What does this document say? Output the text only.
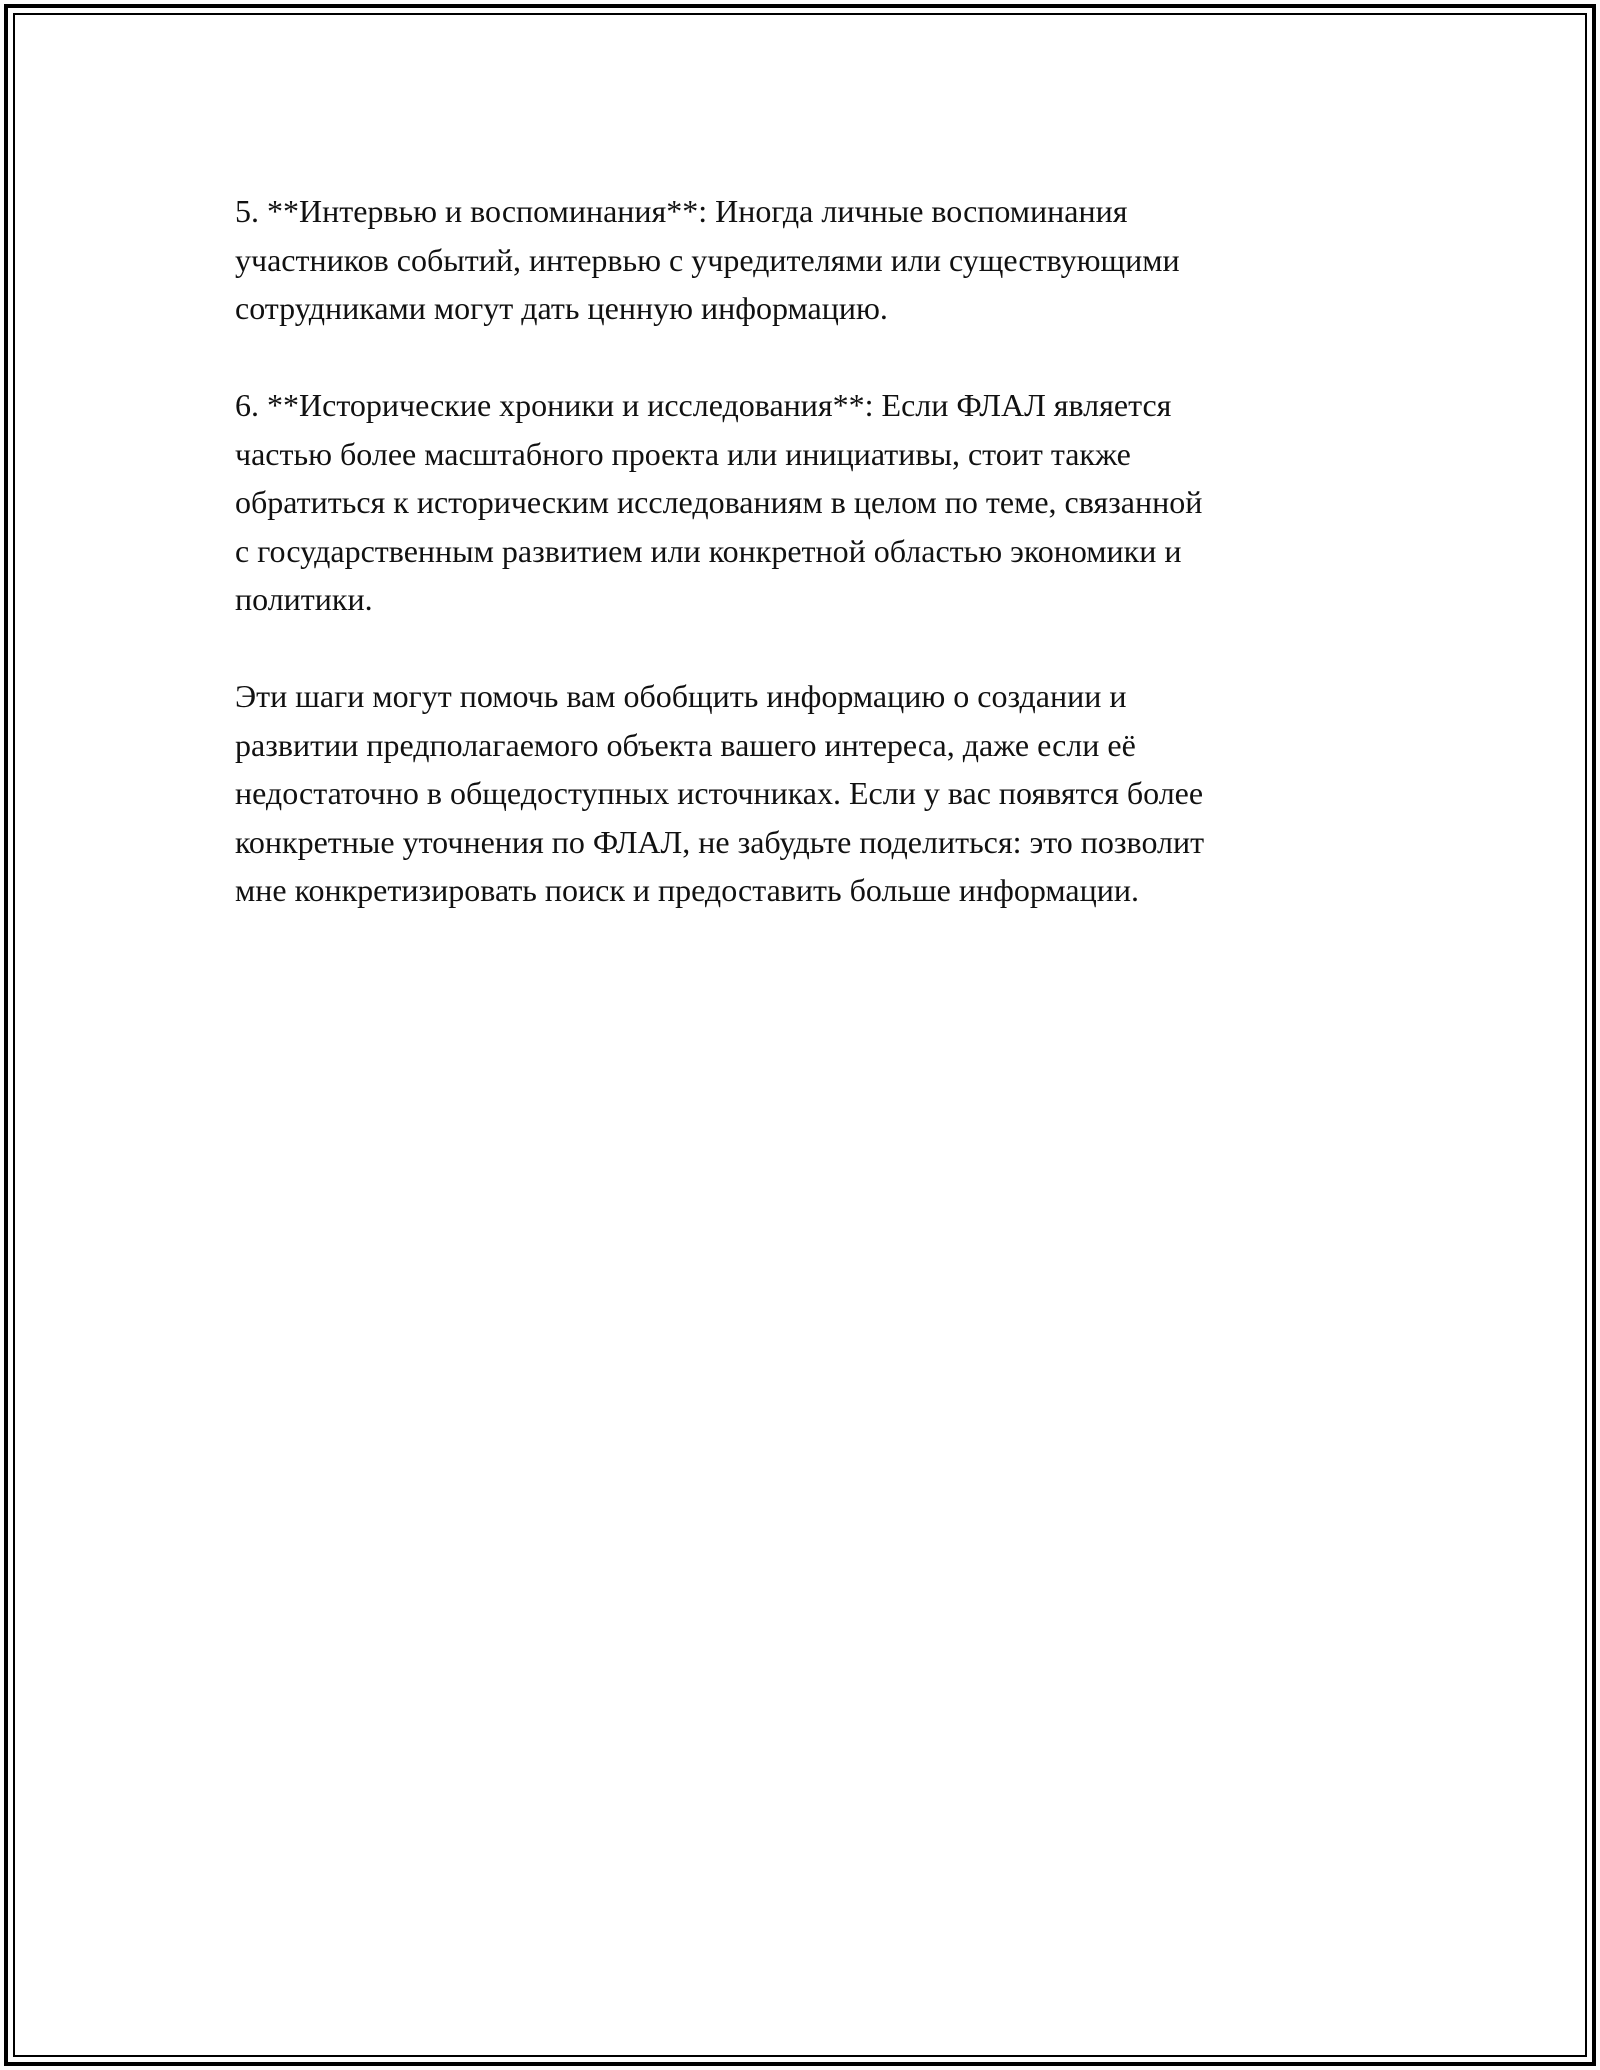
5. **Интервью и воспоминания**: Иногда личные воспоминания
участников событий, интервью с учредителями или существующими
сотрудниками могут дать ценную информацию.

6. **Исторические хроники и исследования**: Если ФЛАЛ является
частью более масштабного проекта или инициативы, стоит также
обратиться к историческим исследованиям в целом по теме, связанной
с государственным развитием или конкретной областью экономики и
политики.

Эти шаги могут помочь вам обобщить информацию о создании и
развитии предполагаемого объекта вашего интереса, даже если её
недостаточно в общедоступных источниках. Если у вас появятся более
конкретные уточнения по ФЛАЛ, не забудьте поделиться: это позволит
мне конкретизировать поиск и предоставить больше информации.
